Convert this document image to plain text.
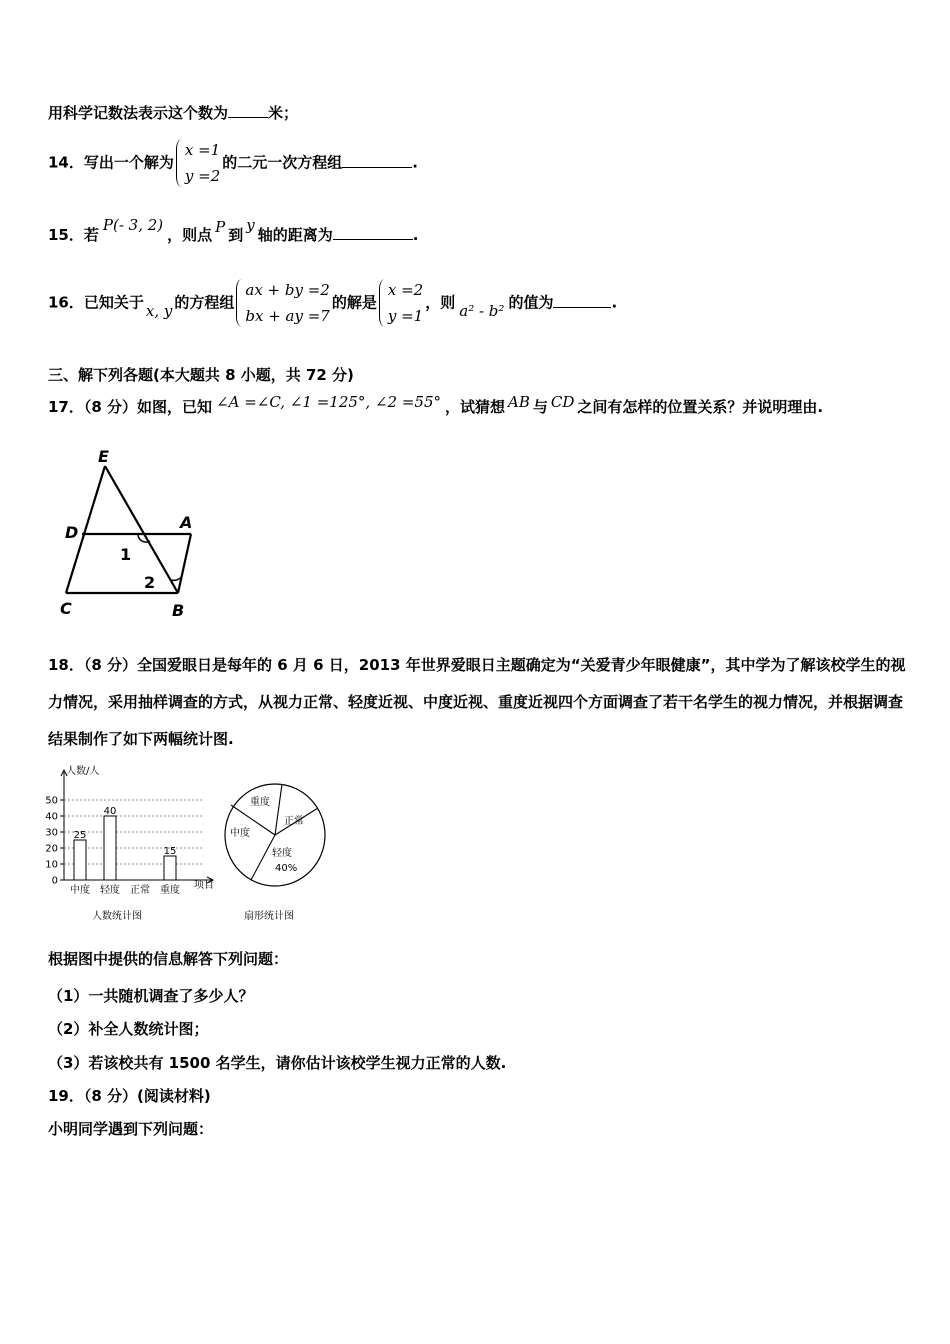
用科学记数法表示这个数为	米；
14．写出一个解为
x =1
y =2
的二元一次方程组	.
15．若P(- 3, 2)，则点 P 到y轴的距离为	.
16．已知关于 x, y 的方程组
ax + by =2
bx + ay =7
的解是
x =2
y =1
，则 a² - b² 的值为	.
三、解下列各题(本大题共 8 小题，共 72 分)
17．（8 分）如图，已知 ∠A =∠C, ∠1 =125°, ∠2 =55° ，试猜想 AB 与 CD 之间有怎样的位置关系？并说明理由.
E
D
A
C	B
1
2
18．（8 分）全国爱眼日是每年的 6 月 6 日，2013 年世界爱眼日主题确定为“关爱青少年眼健康”，其中学为了解该校学生的视力情况，采用抽样调查的方式，从视力正常、轻度近视、中度近视、重度近视四个方面调查了若干名学生的视力情况，并根据调查结果制作了如下两幅统计图.
0
10
20
30
40
50
25
40
15
中度 轻度 正常 重度
人数/人
项目
人数统计图
重度
正常
中度
轻度
40%
扇形统计图
根据图中提供的信息解答下列问题：
（1）一共随机调查了多少人？
（2）补全人数统计图；
（3）若该校共有 1500 名学生，请你估计该校学生视力正常的人数.
19．（8 分）(阅读材料)
小明同学遇到下列问题：
